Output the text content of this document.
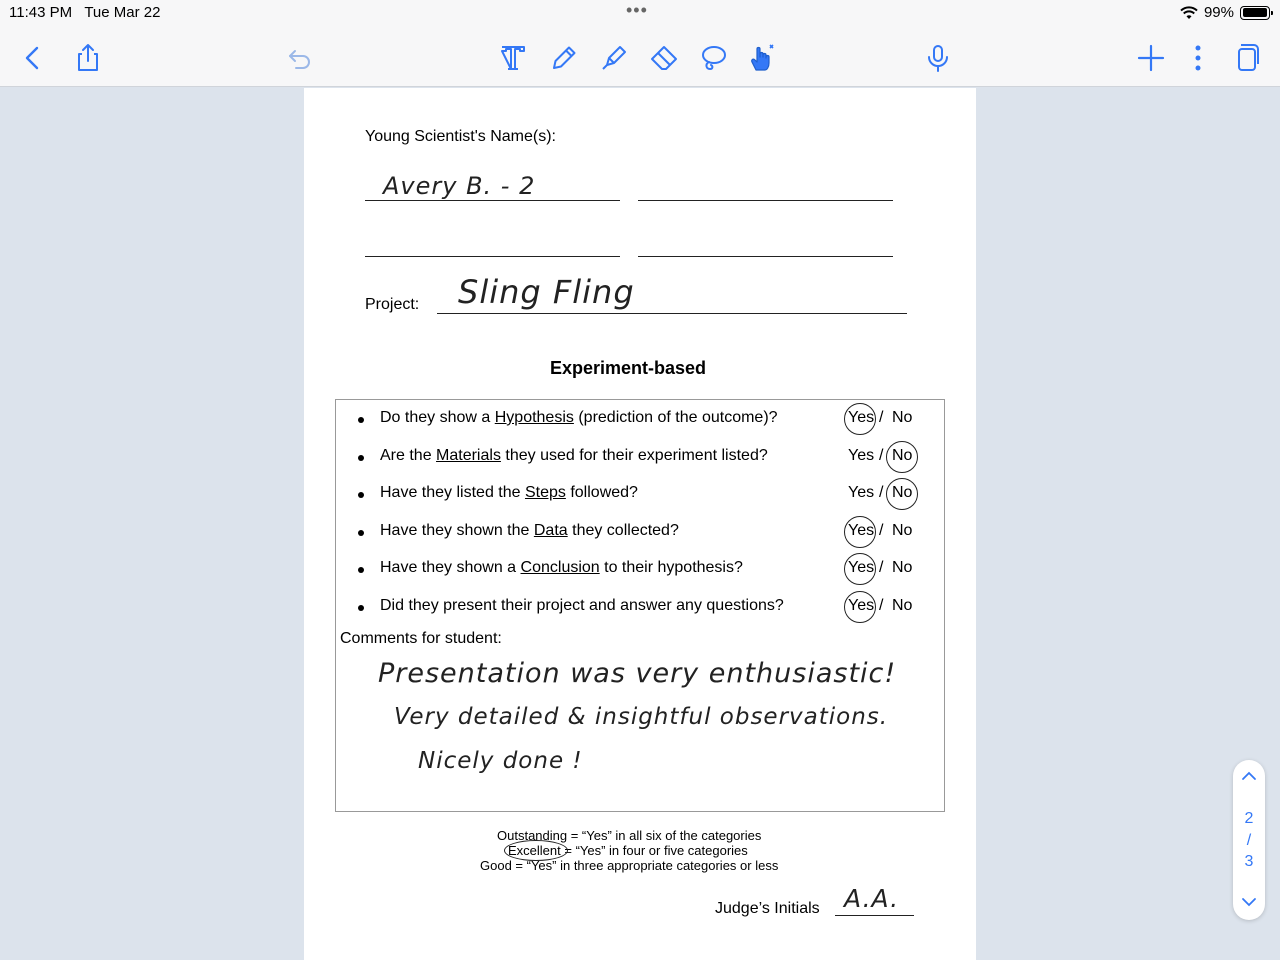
11:43 PM Tue Mar 22	•••	99%
Young Scientist's Name(s):
Avery B. - 2
Project: Sling Fling
Experiment-based
Do they show a Hypothesis (prediction of the outcome)?	Yes / No
Are the Materials they used for their experiment listed?	Yes / No
Have they listed the Steps followed?	Yes / No
Have they shown the Data they collected?	Yes / No
Have they shown a Conclusion to their hypothesis?	Yes / No
Did they present their project and answer any questions?	Yes / No
Comments for student:
Presentation was very enthusiastic!
Very detailed & insightful observations.
Nicely done !
Outstanding = “Yes” in all six of the categories
Excellent = “Yes” in four or five categories
Good = “Yes” in three appropriate categories or less
Judge’s Initials A.A.
2
/
3
